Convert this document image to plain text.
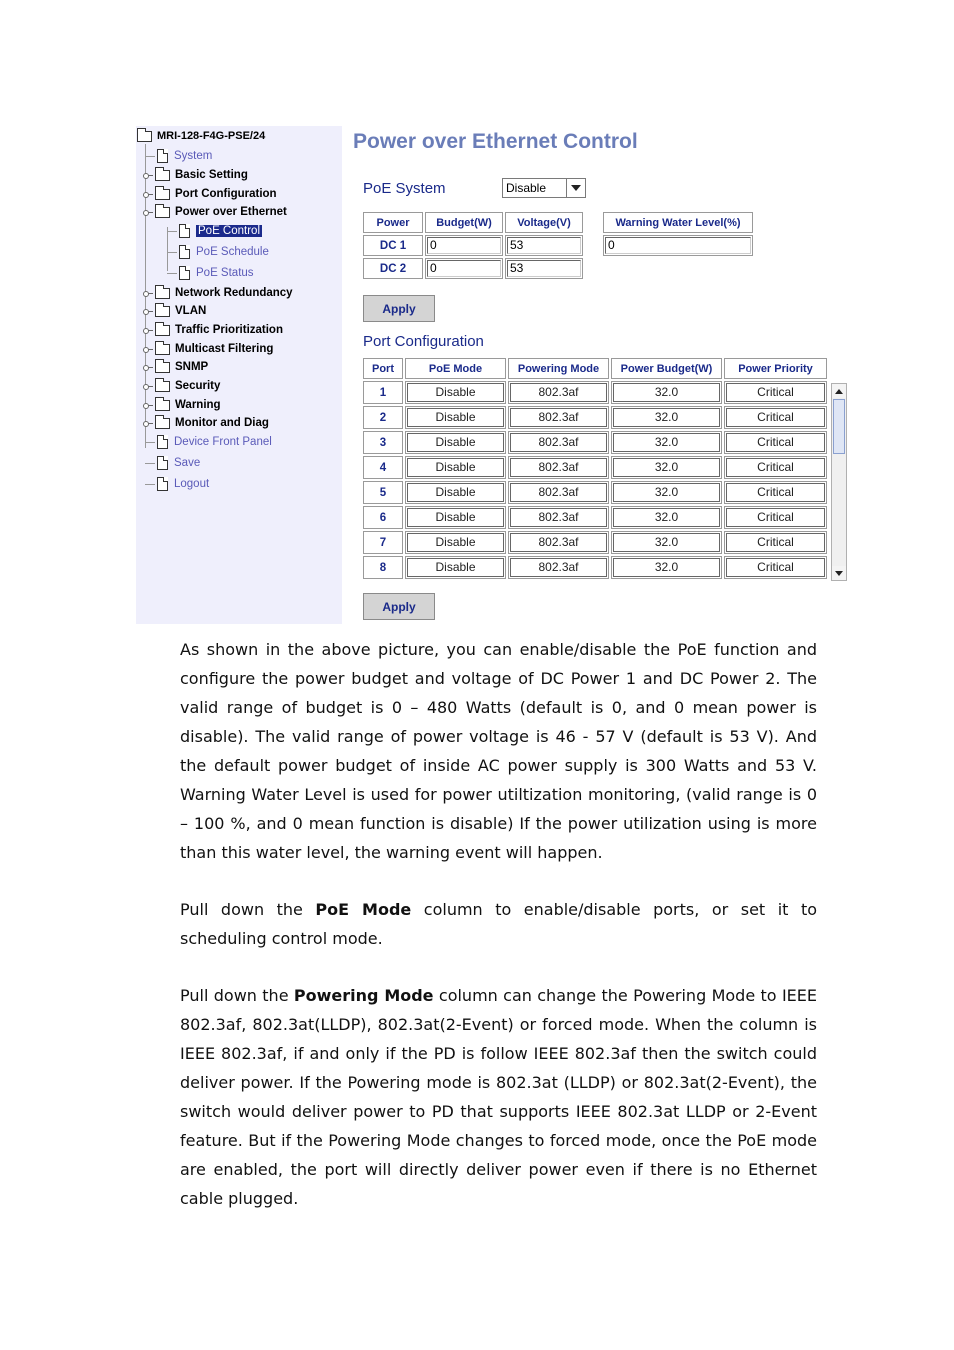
MRI-128-F4G-PSE/24
System
Basic Setting
Port Configuration
Power over Ethernet
PoE Control
PoE Schedule
PoE Status
Network Redundancy
VLAN
Traffic Prioritization
Multicast Filtering
SNMP
Security
Warning
Monitor and Diag
Device Front Panel
Save
Logout
Power over Ethernet Control
PoE System	Disable
Power	Budget(W)	Voltage(V)
DC 1	0	53

DC 2	0	53
Warning Water Level(%)

0
Apply
Port Configuration
Port	PoE Mode	Powering Mode	Power Budget(W)	Power Priority
1	Disable	802.3af	32.0	Critical

2	Disable	802.3af	32.0	Critical

3	Disable	802.3af	32.0	Critical

4	Disable	802.3af	32.0	Critical

5	Disable	802.3af	32.0	Critical

6	Disable	802.3af	32.0	Critical

7	Disable	802.3af	32.0	Critical

8	Disable	802.3af	32.0	Critical
Apply
As shown in the above picture, you can enable/disable the PoE function and configure the power budget and voltage of DC Power 1 and DC Power 2. The valid range of budget is 0 – 480 Watts (default is 0, and 0 mean power is disable). The valid range of power voltage is 46 - 57 V (default is 53 V). And the default power budget of inside AC power supply is 300 Watts and 53 V. Warning Water Level is used for power utiltization monitoring, (valid range is 0 – 100 %, and 0 mean function is disable) If the power utilization using is more than this water level, the warning event will happen.
Pull down the PoE Mode column to enable/disable ports, or set it to scheduling control mode.
Pull down the Powering Mode column can change the Powering Mode to IEEE 802.3af, 802.3at(LLDP), 802.3at(2-Event) or forced mode. When the column is IEEE 802.3af, if and only if the PD is follow IEEE 802.3af then the switch could deliver power. If the Powering mode is 802.3at (LLDP) or 802.3at(2-Event), the switch would deliver power to PD that supports IEEE 802.3at LLDP or 2-Event feature. But if the Powering Mode changes to forced mode, once the PoE mode are enabled, the port will directly deliver power even if there is no Ethernet cable plugged.
